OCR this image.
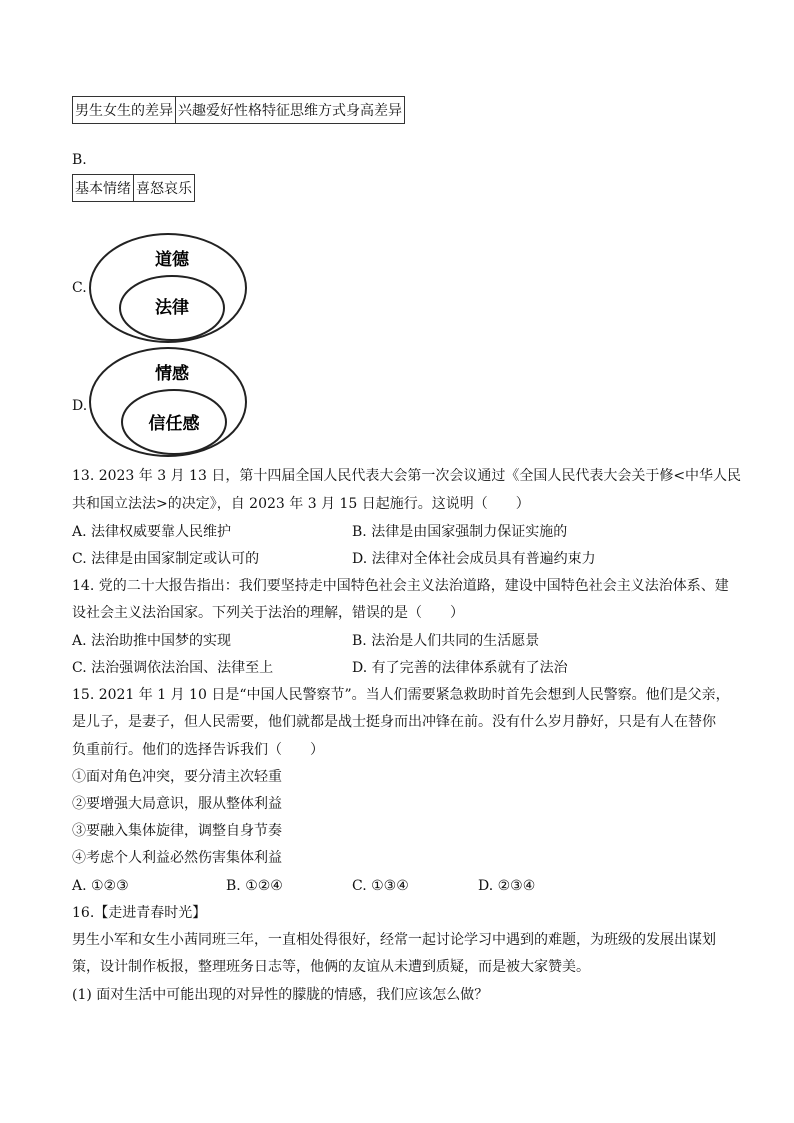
男生女生的差异	兴趣爱好性格特征思维方式身高差异
B.
基本情绪	喜怒哀乐
C.
道德
法律
D.
情感
信任感
13. 2023 年 3 月 13 日，第十四届全国人民代表大会第一次会议通过《全国人民代表大会关于修<中华人民
共和国立法法>的决定》，自 2023 年 3 月 15 日起施行。这说明（　　）
A. 法律权威要靠人民维护	B. 法律是由国家强制力保证实施的
C. 法律是由国家制定或认可的	D. 法律对全体社会成员具有普遍约束力
14. 党的二十大报告指出：我们要坚持走中国特色社会主义法治道路，建设中国特色社会主义法治体系、建
设社会主义法治国家。下列关于法治的理解，错误的是（　　）
A. 法治助推中国梦的实现	B. 法治是人们共同的生活愿景
C. 法治强调依法治国、法律至上	D. 有了完善的法律体系就有了法治
15. 2021 年 1 月 10 日是“中国人民警察节”。当人们需要紧急救助时首先会想到人民警察。他们是父亲，
是儿子，是妻子，但人民需要，他们就都是战士挺身而出冲锋在前。没有什么岁月静好，只是有人在替你
负重前行。他们的选择告诉我们（　　）
①面对角色冲突，要分清主次轻重
②要增强大局意识，服从整体利益
③要融入集体旋律，调整自身节奏
④考虑个人利益必然伤害集体利益
A. ①②③	B. ①②④	C. ①③④	D. ②③④
16.【走进青春时光】
男生小军和女生小茜同班三年，一直相处得很好，经常一起讨论学习中遇到的难题，为班级的发展出谋划
策，设计制作板报，整理班务日志等，他俩的友谊从未遭到质疑，而是被大家赞美。
(1) 面对生活中可能出现的对异性的朦胧的情感，我们应该怎么做？
